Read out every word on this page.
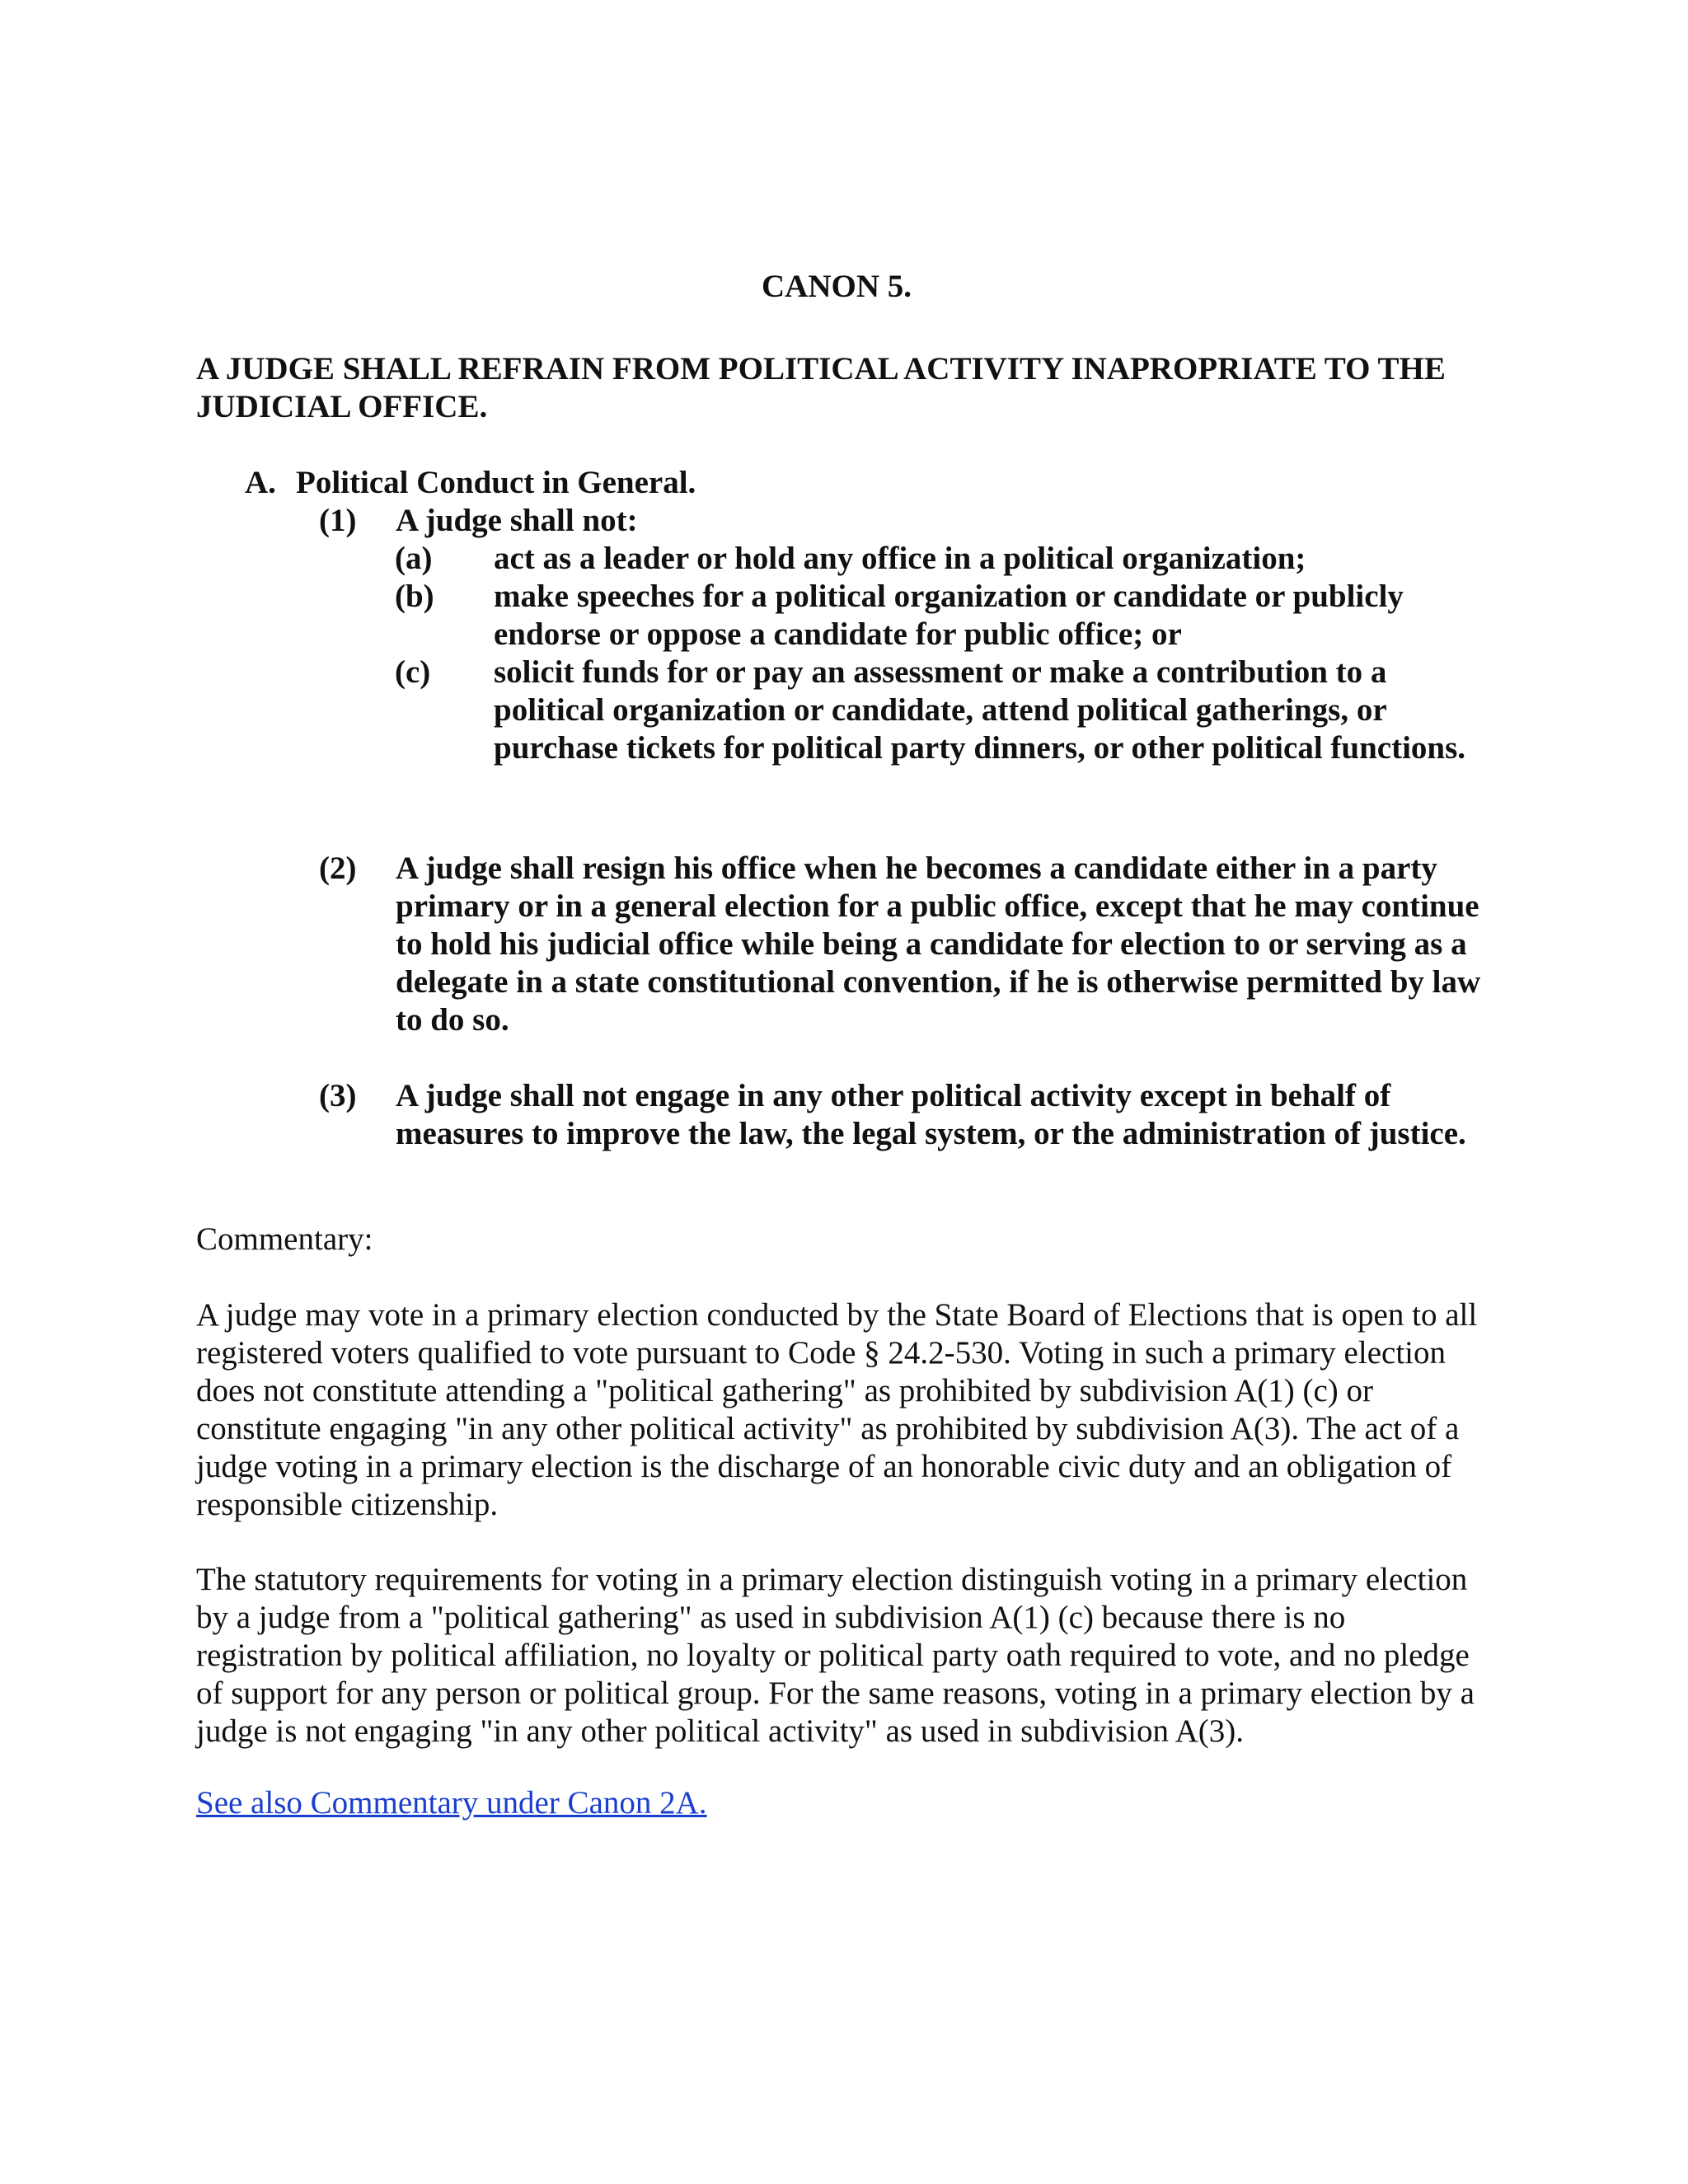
CANON 5.
A JUDGE SHALL REFRAIN FROM POLITICAL ACTIVITY INAPROPRIATE TO THE JUDICIAL OFFICE.
A. Political Conduct in General.
(1) A judge shall not:
(a) act as a leader or hold any office in a political organization;
(b) make speeches for a political organization or candidate or publicly endorse or oppose a candidate for public office; or
(c) solicit funds for or pay an assessment or make a contribution to a political organization or candidate, attend political gatherings, or purchase tickets for political party dinners, or other political functions.
(2) A judge shall resign his office when he becomes a candidate either in a party primary or in a general election for a public office, except that he may continue to hold his judicial office while being a candidate for election to or serving as a delegate in a state constitutional convention, if he is otherwise permitted by law to do so.
(3) A judge shall not engage in any other political activity except in behalf of measures to improve the law, the legal system, or the administration of justice.
Commentary:
A judge may vote in a primary election conducted by the State Board of Elections that is open to all registered voters qualified to vote pursuant to Code § 24.2-530. Voting in such a primary election does not constitute attending a "political gathering" as prohibited by subdivision A(1) (c) or constitute engaging "in any other political activity" as prohibited by subdivision A(3). The act of a judge voting in a primary election is the discharge of an honorable civic duty and an obligation of responsible citizenship.
The statutory requirements for voting in a primary election distinguish voting in a primary election by a judge from a "political gathering" as used in subdivision A(1) (c) because there is no registration by political affiliation, no loyalty or political party oath required to vote, and no pledge of support for any person or political group. For the same reasons, voting in a primary election by a judge is not engaging "in any other political activity" as used in subdivision A(3).
See also Commentary under Canon 2A.
